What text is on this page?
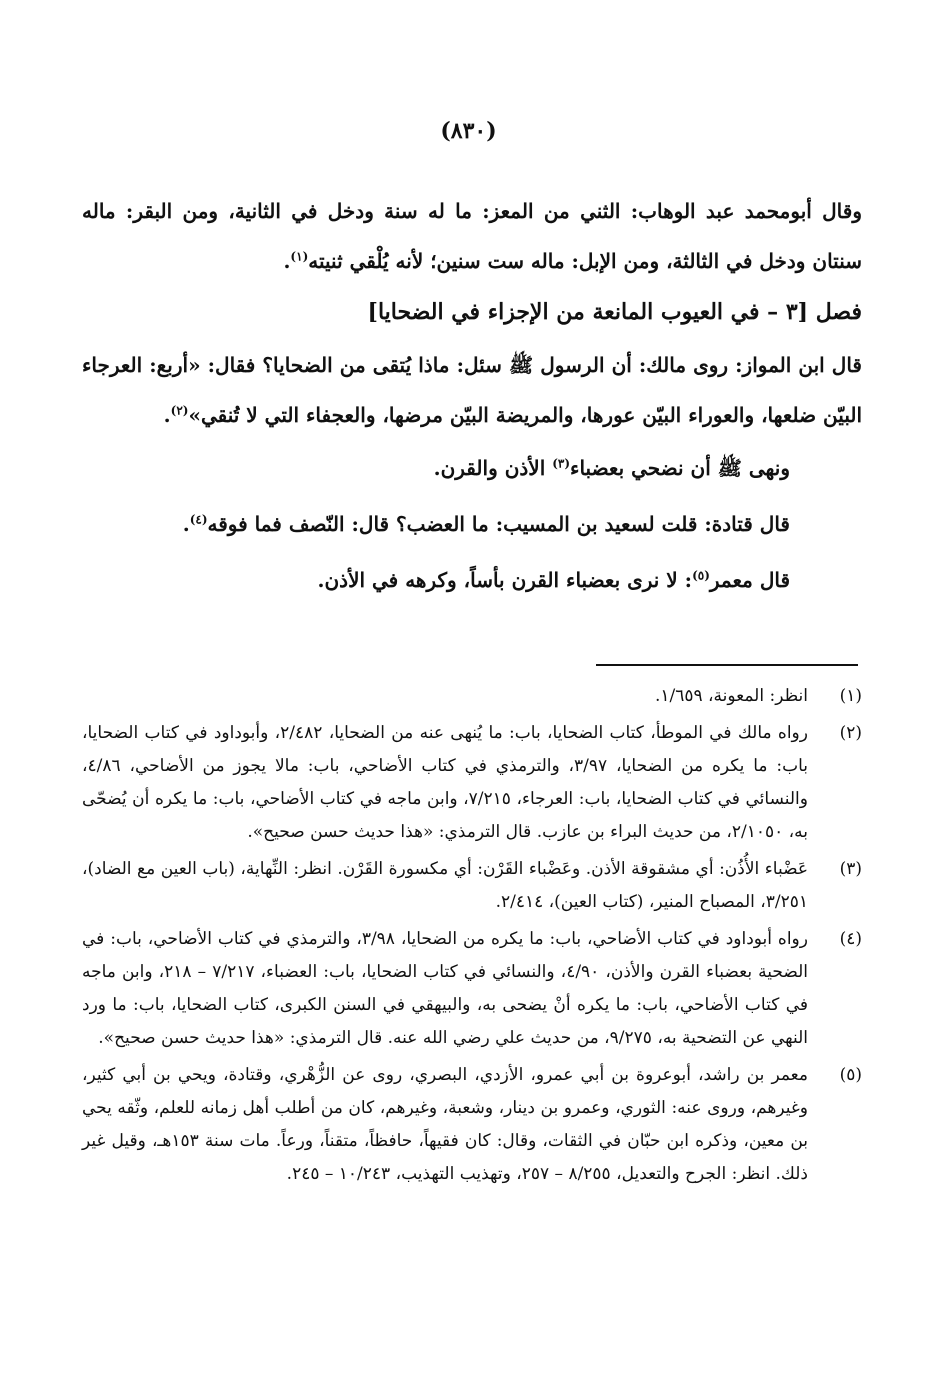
(٨٣٠)

وقال أبومحمد عبد الوهاب: الثني من المعز: ما له سنة ودخل في الثانية، ومن البقر: ماله سنتان ودخل في الثالثة، ومن الإبل: ماله ست سنين؛ لأنه يُلْقي ثنيته$^{(١)}$.

فصل [٣ – في العيوب المانعة من الإجزاء في الضحايا]

قال ابن المواز: روى مالك: أن الرسول ﷺ سئل: ماذا يُتقى من الضحايا؟ فقال: «أربع: العرجاء البيّن ضلعها، والعوراء البيّن عورها، والمريضة البيّن مرضها، والعجفاء التي لا تُنقي»$^{(٢)}$.

ونهى ﷺ أن نضحي بعضباء$^{(٣)}$ الأذن والقرن.

قال قتادة: قلت لسعيد بن المسيب: ما العضب؟ قال: النّصف فما فوقه$^{(٤)}$.

قال معمر$^{(٥)}$: لا نرى بعضباء القرن بأساً، وكرهه في الأذن.

(١)
انظر: المعونة، ١/٦٥٩.
(٢)
رواه مالك في الموطأ، كتاب الضحايا، باب: ما يُنهى عنه من الضحايا، ٢/٤٨٢، وأبوداود في كتاب الضحايا، باب: ما يكره من الضحايا، ٣/٩٧، والترمذي في كتاب الأضاحي، باب: مالا يجوز من الأضاحي، ٤/٨٦، والنسائي في كتاب الضحايا، باب: العرجاء، ٧/٢١٥، وابن ماجه في كتاب الأضاحي، باب: ما يكره أن يُضحّى به، ٢/١٠٥٠، من حديث البراء بن عازب. قال الترمذي: «هذا حديث حسن صحيح».
(٣)
عَضْباء الأُذُن: أي مشقوقة الأذن. وعَضْباء القَرْن: أي مكسورة القَرْن. انظر: النِّهاية، (باب العين مع الضاد)، ٣/٢٥١، المصباح المنير، (كتاب العين)، ٢/٤١٤.
(٤)
رواه أبوداود في كتاب الأضاحي، باب: ما يكره من الضحايا، ٣/٩٨، والترمذي في كتاب الأضاحي، باب: في الضحية بعضباء القرن والأذن، ٤/٩٠، والنسائي في كتاب الضحايا، باب: العضباء، ٧/٢١٧ – ٢١٨، وابن ماجه في كتاب الأضاحي، باب: ما يكره أنْ يضحى به، والبيهقي في السنن الكبرى، كتاب الضحايا، باب: ما ورد النهي عن التضحية به، ٩/٢٧٥، من حديث علي رضي الله عنه. قال الترمذي: «هذا حديث حسن صحيح».
(٥)
معمر بن راشد، أبوعروة بن أبي عمرو، الأزدي، البصري، روى عن الزُّهْري، وقتادة، ويحي بن أبي كثير، وغيرهم، وروى عنه: الثوري، وعمرو بن دينار، وشعبة، وغيرهم، كان من أطلب أهل زمانه للعلم، وثّقه يحي بن معين، وذكره ابن حبّان في الثقات، وقال: كان فقيهاً، حافظاً، متقناً، ورعاً. مات سنة ١٥٣هـ، وقيل غير ذلك. انظر: الجرح والتعديل، ٨/٢٥٥ – ٢٥٧، وتهذيب التهذيب، ١٠/٢٤٣ – ٢٤٥.
